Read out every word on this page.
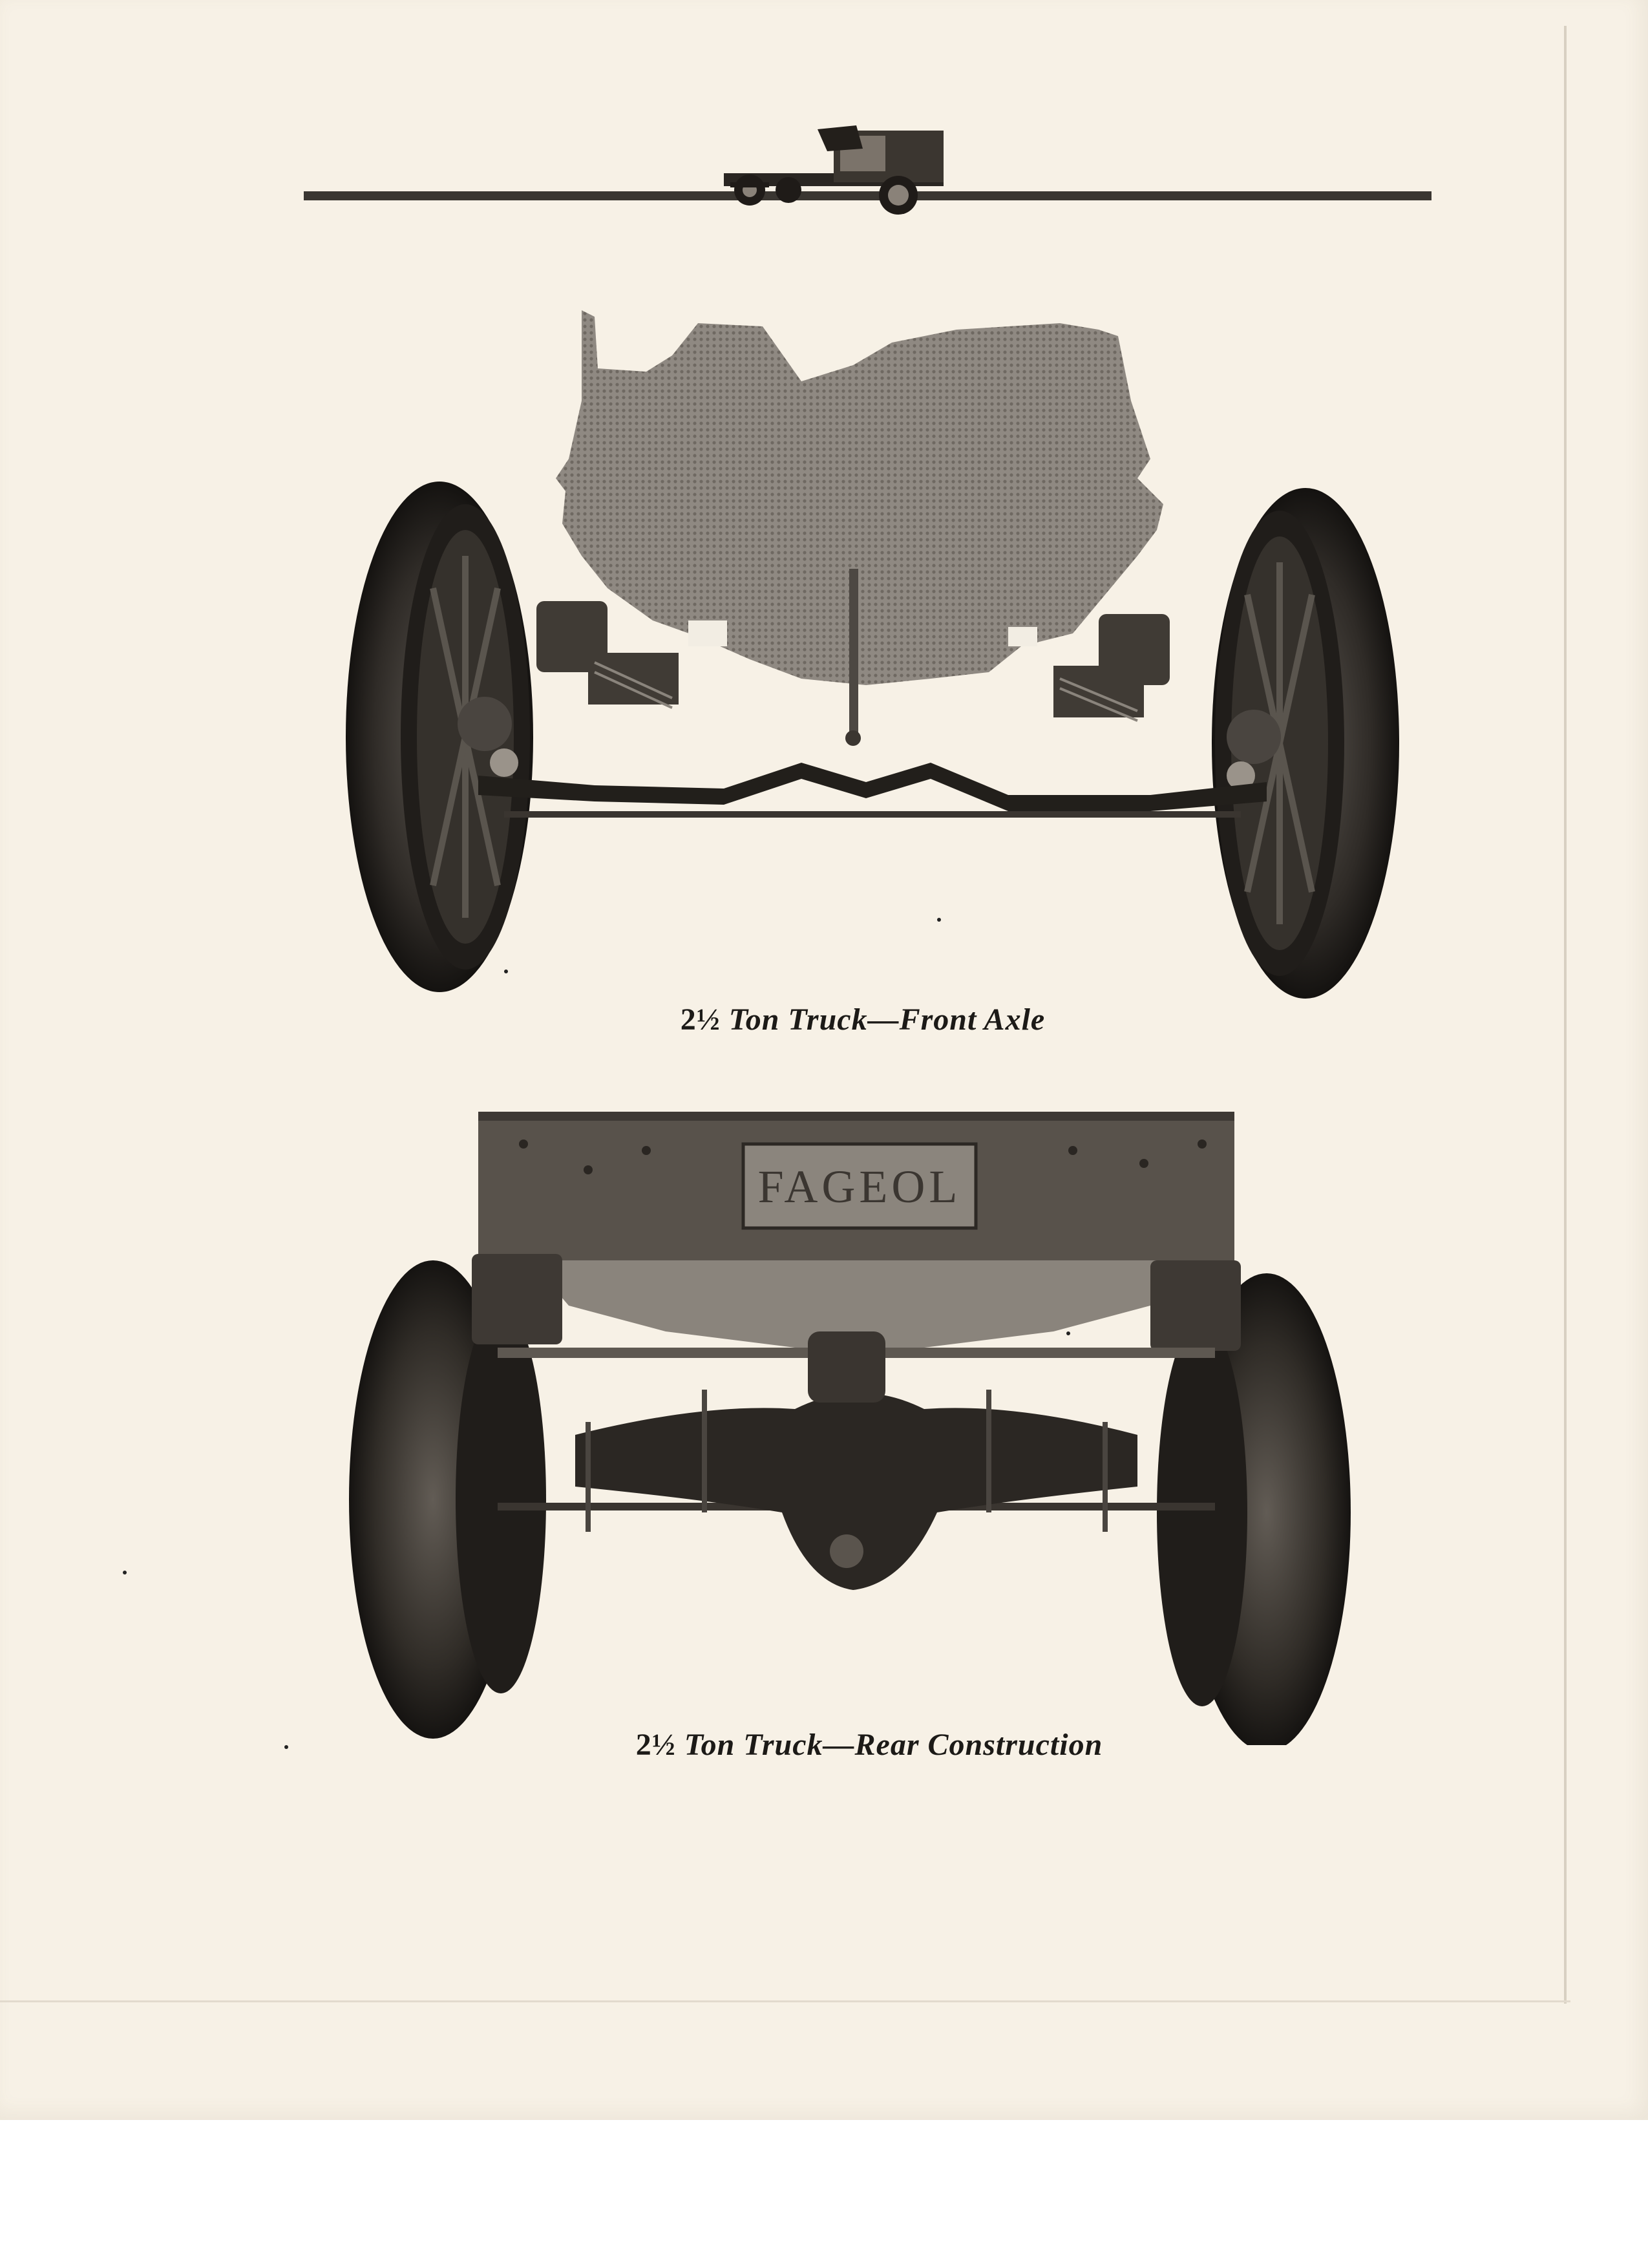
2½ Ton Truck—Front Axle
FAGEOL
2½ Ton Truck—Rear Construction
